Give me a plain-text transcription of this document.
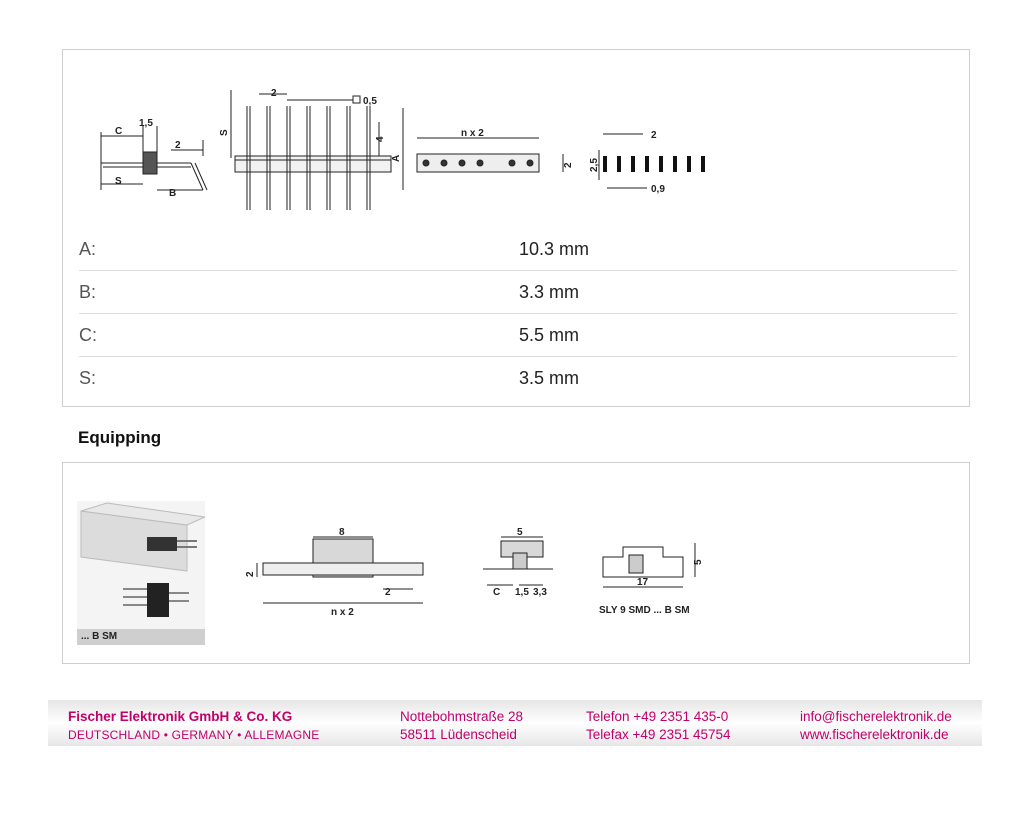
C
1,5
2
S
B
S
2
0,5
4
A
n x 2
2
2
2,5
0,9
A:	10.3 mm
B:	3.3 mm
C:	5.5 mm
S:	3.5 mm
Equipping
... B SM
8
2
2
n x 2
5
C 1,5 3,3
17
5
SLY 9 SMD ... B SM
Fischer Elektronik GmbH & Co. KG
DEUTSCHLAND • GERMANY • ALLEMAGNE
Nottebohmstraße 28
58511 Lüdenscheid
Telefon +49 2351 435-0
Telefax +49 2351 45754
info@fischerelektronik.de
www.fischerelektronik.de
